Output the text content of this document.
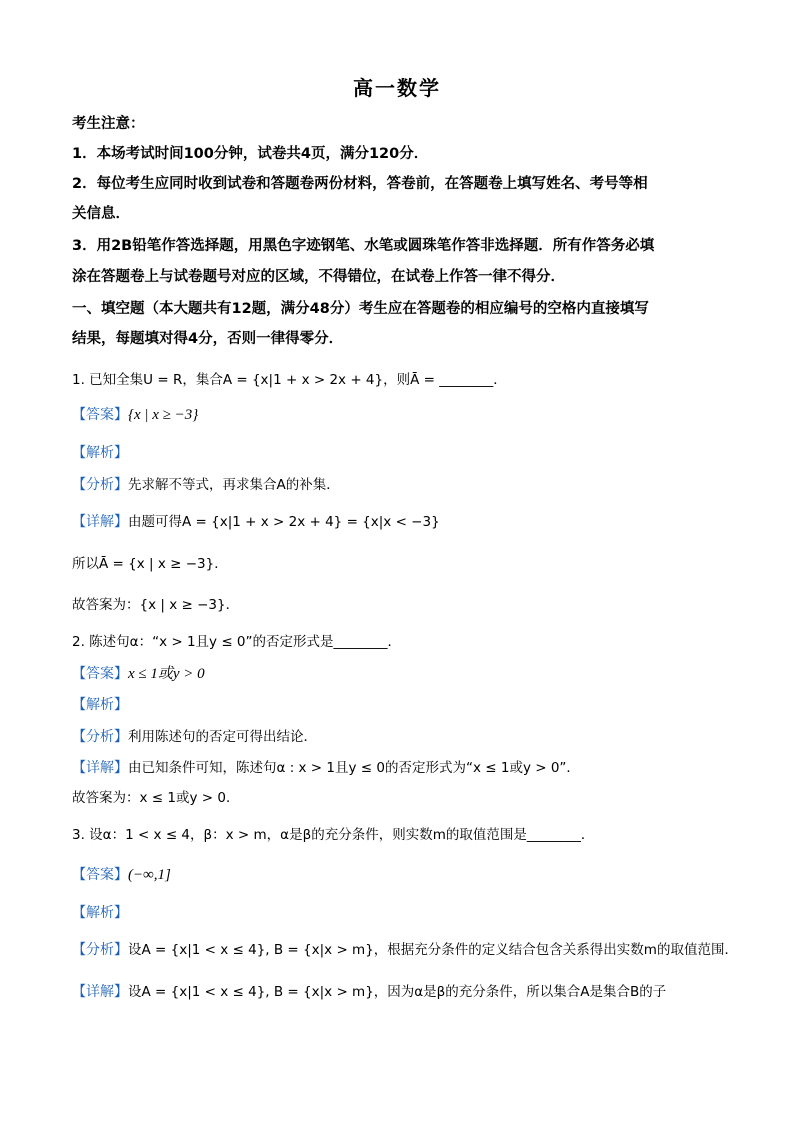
高一数学
考生注意：
1．本场考试时间100分钟，试卷共4页，满分120分．
2．每位考生应同时收到试卷和答题卷两份材料，答卷前，在答题卷上填写姓名、考号等相
关信息．
3．用2B铅笔作答选择题，用黑色字迹钢笔、水笔或圆珠笔作答非选择题．所有作答务必填
涂在答题卷上与试卷题号对应的区域，不得错位，在试卷上作答一律不得分．
一、填空题（本大题共有12题，满分48分）考生应在答题卷的相应编号的空格内直接填写
结果，每题填对得4分，否则一律得零分．
1. 已知全集U = R，集合A = {x|1 + x > 2x + 4}，则Ā = ________．
【答案】{x | x ≥ −3}
【解析】
【分析】先求解不等式，再求集合A的补集．
【详解】由题可得A = {x|1 + x > 2x + 4} = {x|x < −3}
所以Ā = {x | x ≥ −3}．
故答案为：{x | x ≥ −3}．
2. 陈述句α：“x > 1且y ≤ 0”的否定形式是________．
【答案】x ≤ 1或y > 0
【解析】
【分析】利用陈述句的否定可得出结论．
【详解】由已知条件可知，陈述句α : x > 1且y ≤ 0的否定形式为“x ≤ 1或y > 0”．
故答案为：x ≤ 1或y > 0．
3. 设α：1 < x ≤ 4，β：x > m，α是β的充分条件，则实数m的取值范围是________．
【答案】(−∞,1]
【解析】
【分析】设A = {x|1 < x ≤ 4}, B = {x|x > m}，根据充分条件的定义结合包含关系得出实数m的取值范围．
【详解】设A = {x|1 < x ≤ 4}, B = {x|x > m}，因为α是β的充分条件，所以集合A是集合B的子
